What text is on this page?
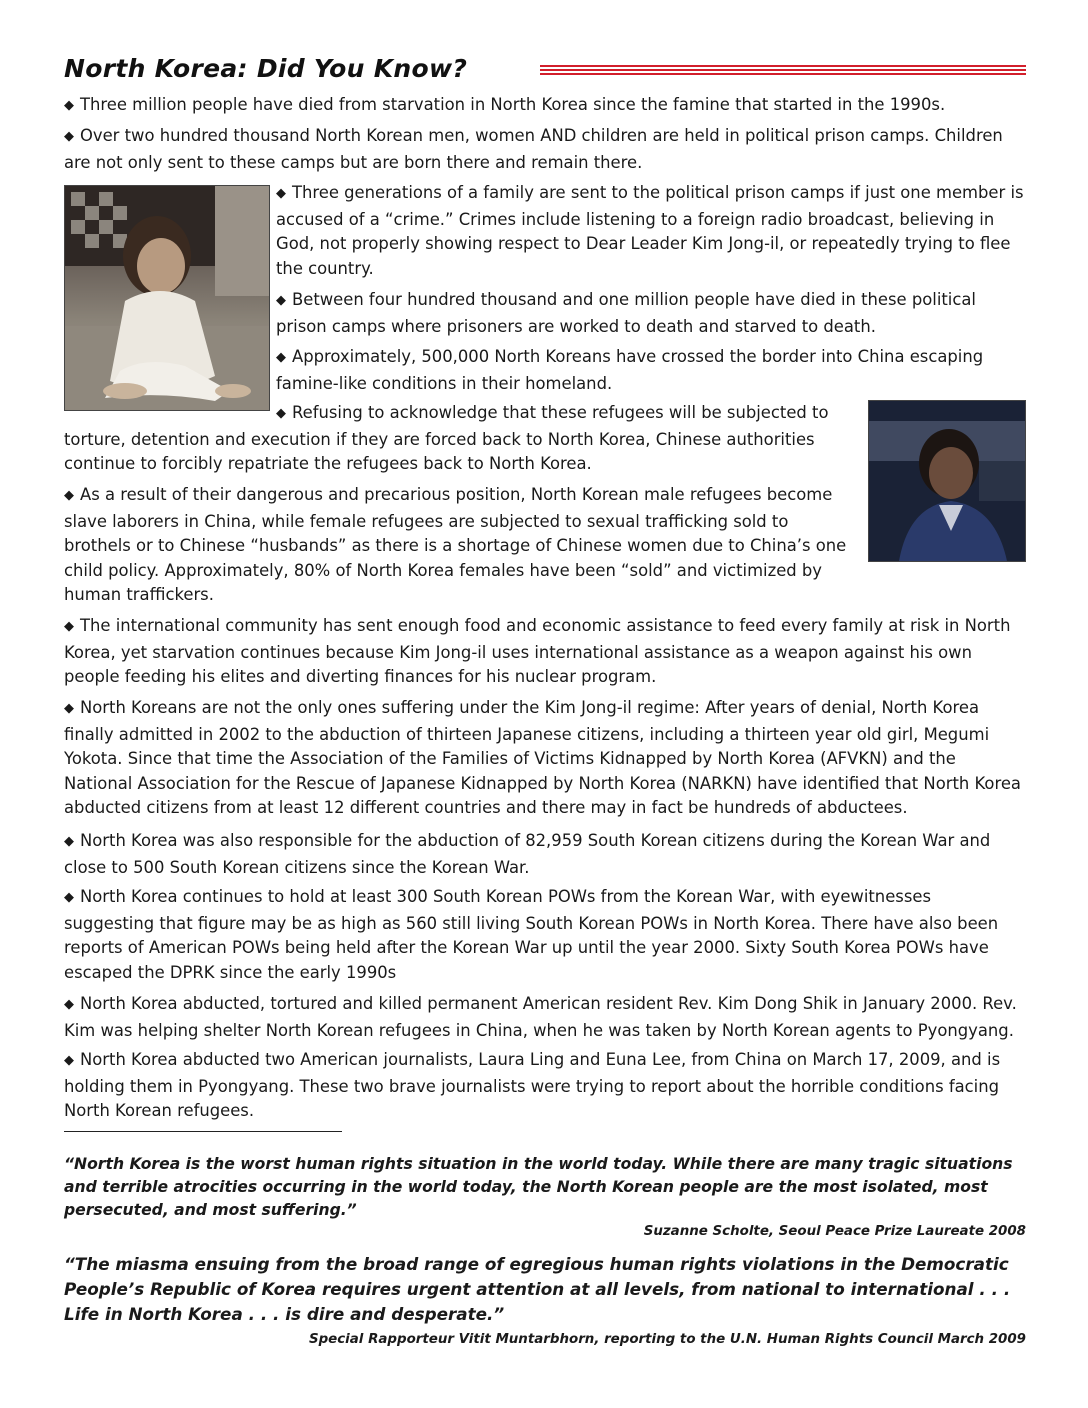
North Korea: Did You Know?

◆ Three million people have died from starvation in North Korea since the famine that started in the 1990s.

◆ Over two hundred thousand North Korean men, women AND children are held in political prison camps. Children are not only sent to these camps but are born there and remain there.

◆ Three generations of a family are sent to the political prison camps if just one member is accused of a “crime.” Crimes include listening to a foreign radio broadcast, believing in God, not properly showing respect to Dear Leader Kim Jong-il, or repeatedly trying to flee the country.

◆ Between four hundred thousand and one million people have died in these political prison camps where prisoners are worked to death and starved to death.

◆ Approximately, 500,000 North Koreans have crossed the border into China escaping famine-like conditions in their homeland.

◆ Refusing to acknowledge that these refugees will be subjected to torture, detention and execution if they are forced back to North Korea, Chinese authorities continue to forcibly repatriate the refugees back to North Korea.

◆ As a result of their dangerous and precarious position, North Korean male refugees become slave laborers in China, while female refugees are subjected to sexual trafficking sold to brothels or to Chinese “husbands” as there is a shortage of Chinese women due to China’s one child policy. Approximately, 80% of North Korea females have been “sold” and victimized by human traffickers.

◆ The international community has sent enough food and economic assistance to feed every family at risk in North Korea, yet starvation continues because Kim Jong-il uses international assistance as a weapon against his own people feeding his elites and diverting finances for his nuclear program.

◆ North Koreans are not the only ones suffering under the Kim Jong-il regime: After years of denial, North Korea finally admitted in 2002 to the abduction of thirteen Japanese citizens, including a thirteen year old girl, Megumi Yokota. Since that time the Association of the Families of Victims Kidnapped by North Korea (AFVKN) and the National Association for the Rescue of Japanese Kidnapped by North Korea (NARKN) have identified that North Korea abducted citizens from at least 12 different countries and there may in fact be hundreds of abductees.

◆ North Korea was also responsible for the abduction of 82,959 South Korean citizens during the Korean War and close to 500 South Korean citizens since the Korean War.

◆ North Korea continues to hold at least 300 South Korean POWs from the Korean War, with eyewitnesses suggesting that figure may be as high as 560 still living South Korean POWs in North Korea. There have also been reports of American POWs being held after the Korean War up until the year 2000. Sixty South Korea POWs have escaped the DPRK since the early 1990s

◆ North Korea abducted, tortured and killed permanent American resident Rev. Kim Dong Shik in January 2000. Rev. Kim was helping shelter North Korean refugees in China, when he was taken by North Korean agents to Pyongyang.

◆ North Korea abducted two American journalists, Laura Ling and Euna Lee, from China on March 17, 2009, and is holding them in Pyongyang. These two brave journalists were trying to report about the horrible conditions facing North Korean refugees.

“North Korea is the worst human rights situation in the world today. While there are many tragic situations and terrible atrocities occurring in the world today, the North Korean people are the most isolated, most persecuted, and most suffering.”

Suzanne Scholte, Seoul Peace Prize Laureate 2008

“The miasma ensuing from the broad range of egregious human rights violations in the Democratic People’s Republic of Korea requires urgent attention at all levels, from national to international . . . Life in North Korea . . . is dire and desperate.”

Special Rapporteur Vitit Muntarbhorn, reporting to the U.N. Human Rights Council March 2009
